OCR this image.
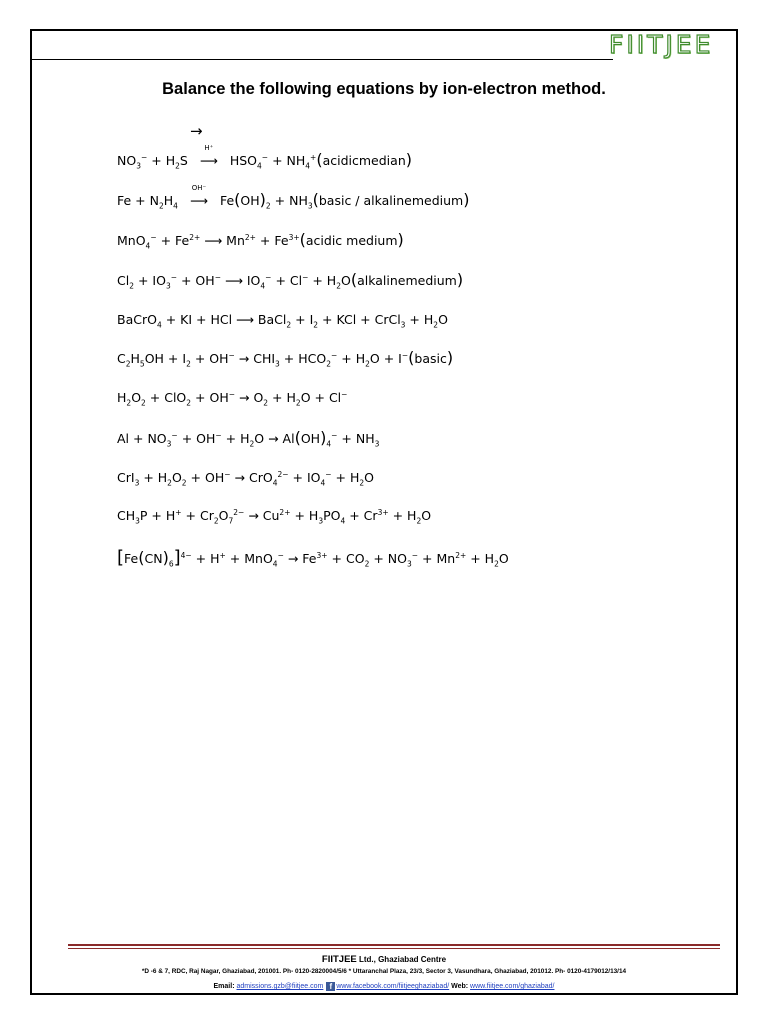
FIITJEE
Balance the following equations by ion-electron method.
→
$NO_3^- + H_2S$
H⁺
⟶ $HSO_4^-$ + $NH_4^+(acidicmedian)$
$Fe + N_2H_4$
OH⁻
⟶ $Fe(OH)_2$ + $NH_3(basic$ / alkalinemedium)
$MnO_4^- + Fe^{2+}$ ⟶ $Mn^{2+}$ + $Fe^{3+}(acidic$ medium)
$Cl_2 + IO_3^- + OH^-$ ⟶ $IO_4^- + Cl^-$ + $H_2O(alkalinemedium)$
BaCrO$_4$ + KI + HCl ⟶ BaCl$_2$ + $I_2$ + KCl + CrCl$_3$ + $H_2O$
$C_2H_5OH + I_2 + OH^- \to CHI_3 + HCO_2^- + H_2O$ + I−(basic)
$H_2O_2 + ClO_2 + OH^- \to O_2 + H_2O + Cl^-$
$Al + NO_3^- + OH^- + H_2O \to Al(OH)_4^- + NH_3$
$CrI_3 + H_2O_2 + OH^- \to CrO_4^{2-} + IO_4^- + H_2O$
$CH_3P + H^+ + Cr_2O_7^{2-} \to Cu^{2+} + H_3PO_4 + Cr^{3+} + H_2O$
$[Fe(CN)_6]^{4-} + H^+ + MnO_4^- \to Fe^{3+} + CO_2 + NO_3^- + Mn^{2+} + H_2O$
FIITJEE Ltd., Ghaziabad Centre
*D -6 & 7, RDC, Raj Nagar, Ghaziabad, 201001. Ph- 0120-2820004/5/6 * Uttaranchal Plaza, 23/3, Sector 3, Vasundhara, Ghaziabad, 201012. Ph- 0120-4179012/13/14
Email: admissions.gzb@fiitjee.com f www.facebook.com/fiitjeeghaziabad/ Web: www.fiitjee.com/ghaziabad/
